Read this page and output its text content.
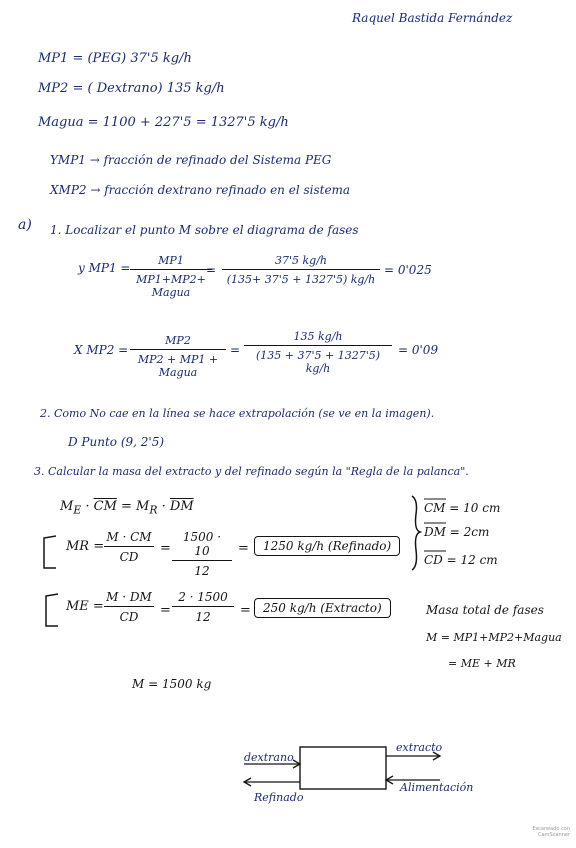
Raquel Bastida Fernández
MP1 = (PEG) 37'5 kg/h
MP2 = ( Dextrano) 135 kg/h
Magua = 1100 + 227'5 = 1327'5 kg/h
YMP1 → fracción de refinado del Sistema PEG
XMP2 → fracción dextrano refinado en el sistema
a) 1. Localizar el punto M sobre el diagrama de fases
y MP1 =
MP1
MP1+MP2+ Magua
= $\frac{37'5 kg/h}{(135+ 37'5 + 1327'5) kg/h} = 0'025$
X MP2 =
MP2
MP2 + MP1 + Magua
= $\frac{135 kg/h}{(135 + 37'5 + 1327'5) kg/h} = 0'09$
2. Como No cae en la línea se hace extrapolación (se ve en la imagen).
D Punto (9, 2'5)
3. Calcular la masa del extracto y del refinado según la "Regla de la palanca".
$M_E \cdot \overline{CM} = M_R \cdot \overline{DM}$
MR = $\frac{M \cdot CM}{CD} = \frac{1500 \cdot 10}{12}$ =	1250 kg/h (Refinado)
ME = $\frac{M \cdot DM}{CD} = \frac{2 \cdot 1500}{12}$ =	250 kg/h (Extracto)
CM = 10 cm
DM = 2cm
CD = 12 cm
Masa total de fases
M = MP1+MP2+Magua
= ME + MR
M = 1500 kg
dextrano
extracto
Refinado
Alimentación
Escaneado con
CamScanner
